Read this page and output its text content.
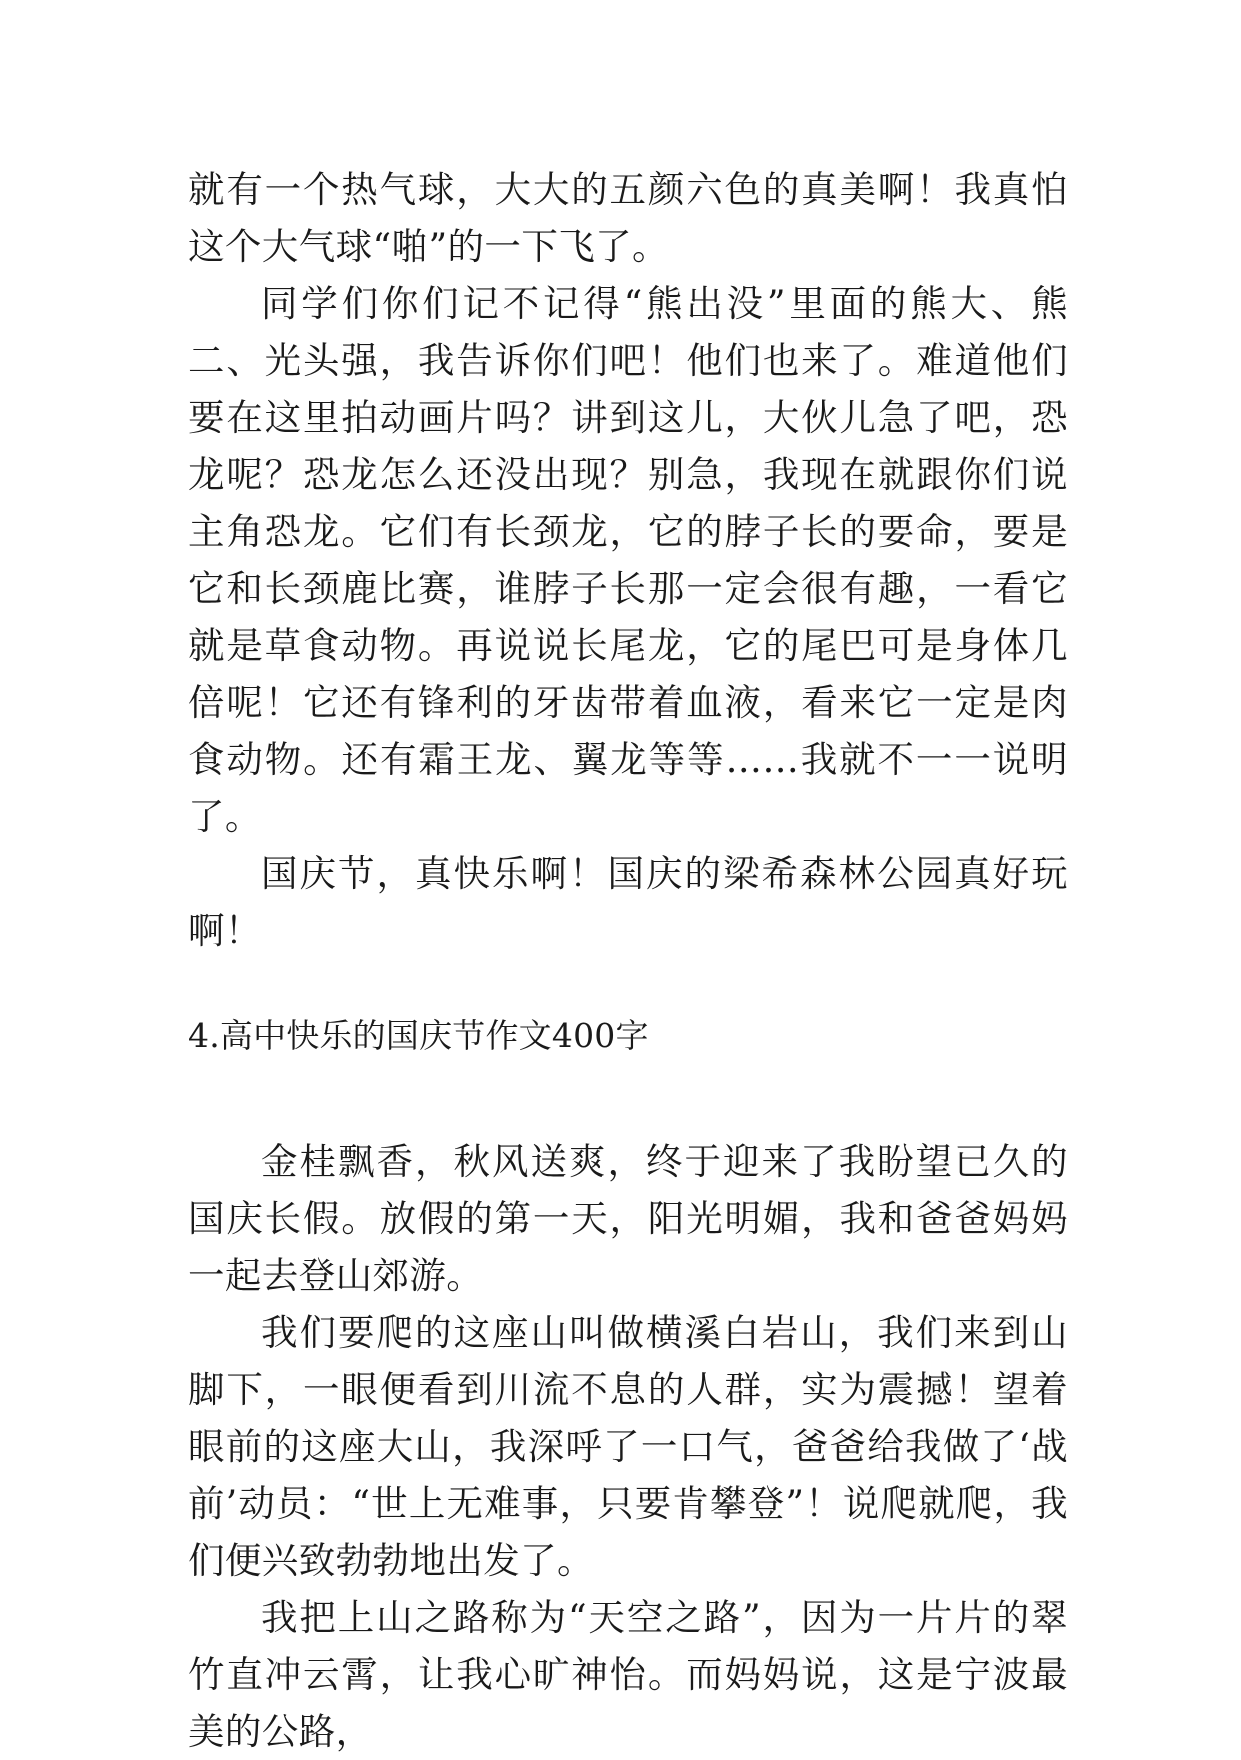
就有一个热气球，大大的五颜六色的真美啊！我真怕这个大气球“啪”的一下飞了。

同学们你们记不记得“熊出没”里面的熊大、熊二、光头强，我告诉你们吧！他们也来了。难道他们要在这里拍动画片吗？讲到这儿，大伙儿急了吧，恐龙呢？恐龙怎么还没出现？别急，我现在就跟你们说主角恐龙。它们有长颈龙，它的脖子长的要命，要是它和长颈鹿比赛，谁脖子长那一定会很有趣，一看它就是草食动物。再说说长尾龙，它的尾巴可是身体几倍呢！它还有锋利的牙齿带着血液，看来它一定是肉食动物。还有霜王龙、翼龙等等……我就不一一说明了。

国庆节，真快乐啊！国庆的梁希森林公园真好玩啊！

4.高中快乐的国庆节作文400字

金桂飘香，秋风送爽，终于迎来了我盼望已久的国庆长假。放假的第一天，阳光明媚，我和爸爸妈妈一起去登山郊游。

我们要爬的这座山叫做横溪白岩山，我们来到山脚下，一眼便看到川流不息的人群，实为震撼！望着眼前的这座大山，我深呼了一口气，爸爸给我做了‘战前’动员：“世上无难事，只要肯攀登”！说爬就爬，我们便兴致勃勃地出发了。

我把上山之路称为“天空之路”，因为一片片的翠竹直冲云霄，让我心旷神怡。而妈妈说，这是宁波最美的公路，
